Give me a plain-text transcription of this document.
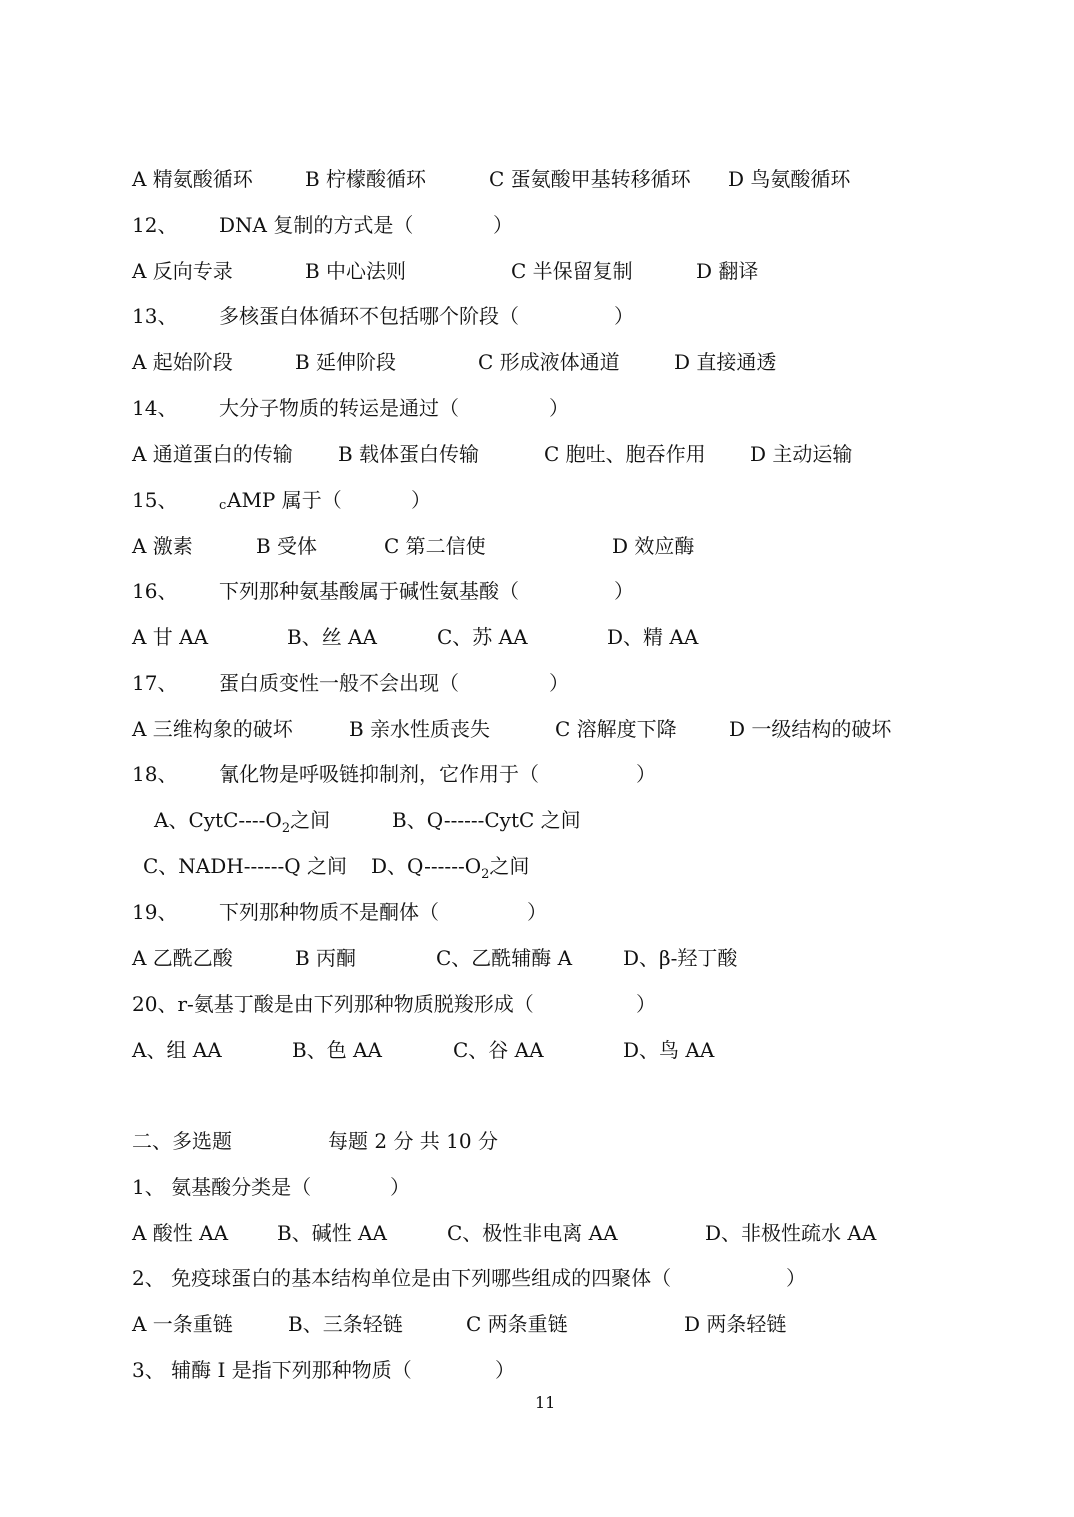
A 精氨酸循环	B 柠檬酸循环	C 蛋氨酸甲基转移循环 D 鸟氨酸循环
12、 DNA 复制的方式是（	）
A 反向专录	B 中心法则	C 半保留复制	D 翻译
13、 多核蛋白体循环不包括哪个阶段（	）
A 起始阶段	B 延伸阶段	C 形成液体通道	D 直接通透
14、 大分子物质的转运是通过（	）
A 通道蛋白的传输 B 载体蛋白传输	C 胞吐、胞吞作用 D 主动运输
15、	c AMP 属于（	）
A 激素	B 受体	C 第二信使	D 效应酶
16、 下列那种氨基酸属于碱性氨基酸（	）
A 甘 AA	B、丝 AA	C、苏 AA	D、精 AA
17、 蛋白质变性一般不会出现（	）
A 三维构象的破坏	B 亲水性质丧失	C 溶解度下降	D 一级结构的破坏
18、 氰化物是呼吸链抑制剂，它作用于（	）
A、CytC-$---O_2$之间	B、Q------CytC 之间
C、NADH------Q 之间 D、$Q------O_2$之间
19、 下列那种物质不是酮体（	）
A 乙酰乙酸	B 丙酮	C、乙酰辅酶 A	D、β-羟丁酸
20、r-氨基丁酸是由下列那种物质脱羧形成（	）
A、组 AA	B、色 AA	C、谷 AA	D、鸟 AA
二、多选题	每题 2 分 共 10 分
1、 氨基酸分类是（	）
A 酸性 AA B、碱性 AA	C、极性非电离 AA	D、非极性疏水 AA
2、 免疫球蛋白的基本结构单位是由下列哪些组成的四聚体（	）
A 一条重链	B、三条轻链	C 两条重链	D 两条轻链
3、 辅酶 I 是指下列那种物质（	）
11
